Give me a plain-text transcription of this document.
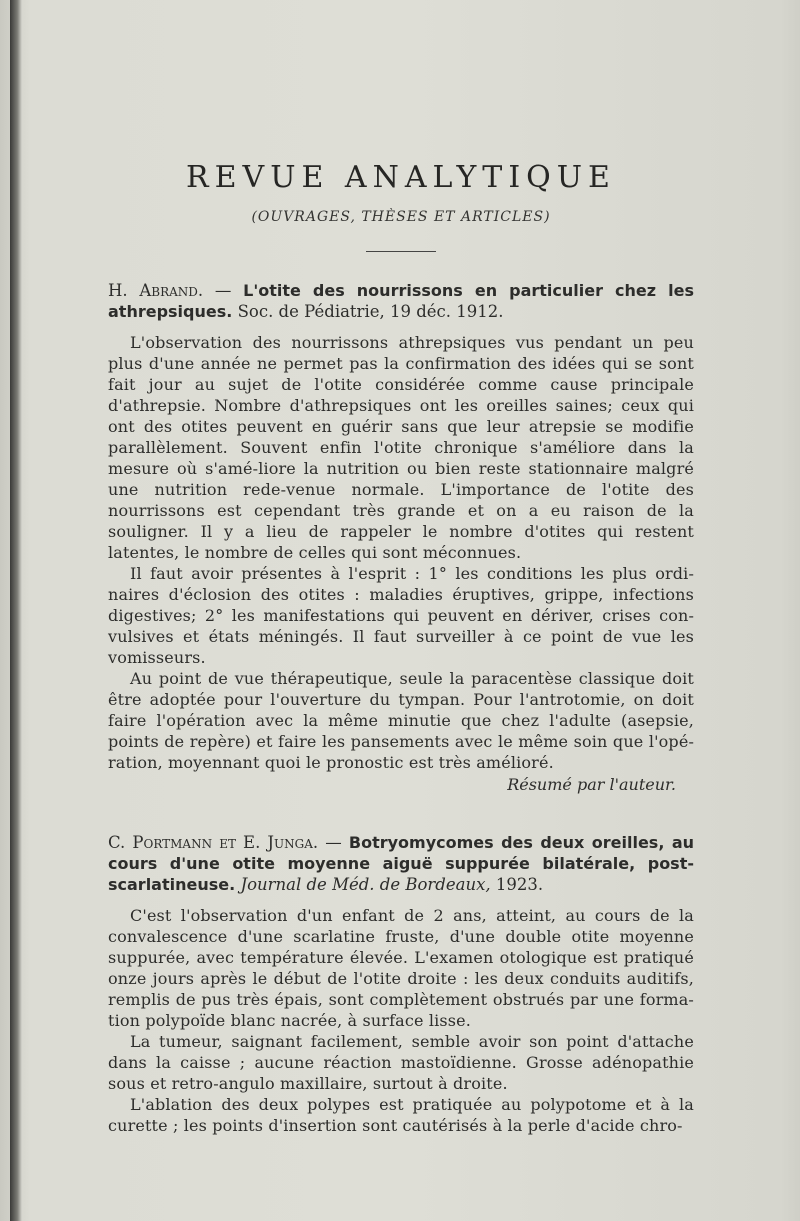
REVUE ANALYTIQUE
(OUVRAGES, THÈSES ET ARTICLES)
H. Abrand. — L'otite des nourrissons en particulier chez les athrepsiques. Soc. de Pédiatrie, 19 déc. 1912.

L'observation des nourrissons athrepsiques vus pendant un peu plus d'une année ne permet pas la confirmation des idées qui se sont fait jour au sujet de l'otite considérée comme cause principale d'athrepsie. Nombre d'athrepsiques ont les oreilles saines; ceux qui ont des otites peuvent en guérir sans que leur atrepsie se modifie parallèlement. Souvent enfin l'otite chronique s'améliore dans la mesure où s'amé-liore la nutrition ou bien reste stationnaire malgré une nutrition rede-venue normale. L'importance de l'otite des nourrissons est cependant très grande et on a eu raison de la souligner. Il y a lieu de rappeler le nombre d'otites qui restent latentes, le nombre de celles qui sont méconnues.

Il faut avoir présentes à l'esprit : 1° les conditions les plus ordi-naires d'éclosion des otites : maladies éruptives, grippe, infections digestives; 2° les manifestations qui peuvent en dériver, crises con-vulsives et états méningés. Il faut surveiller à ce point de vue les vomisseurs.

Au point de vue thérapeutique, seule la paracentèse classique doit être adoptée pour l'ouverture du tympan. Pour l'antrotomie, on doit faire l'opération avec la même minutie que chez l'adulte (asepsie, points de repère) et faire les pansements avec le même soin que l'opé-ration, moyennant quoi le pronostic est très amélioré.

Résumé par l'auteur.
C. Portmann et E. Junga. — Botryomycomes des deux oreilles, au cours d'une otite moyenne aiguë suppurée bilatérale, post-scarlatineuse. Journal de Méd. de Bordeaux, 1923.

C'est l'observation d'un enfant de 2 ans, atteint, au cours de la convalescence d'une scarlatine fruste, d'une double otite moyenne suppurée, avec température élevée. L'examen otologique est pratiqué onze jours après le début de l'otite droite : les deux conduits auditifs, remplis de pus très épais, sont complètement obstrués par une forma-tion polypoïde blanc nacrée, à surface lisse.

La tumeur, saignant facilement, semble avoir son point d'attache dans la caisse ; aucune réaction mastoïdienne. Grosse adénopathie sous et retro-angulo maxillaire, surtout à droite.

L'ablation des deux polypes est pratiquée au polypotome et à la curette ; les points d'insertion sont cautérisés à la perle d'acide chro-
